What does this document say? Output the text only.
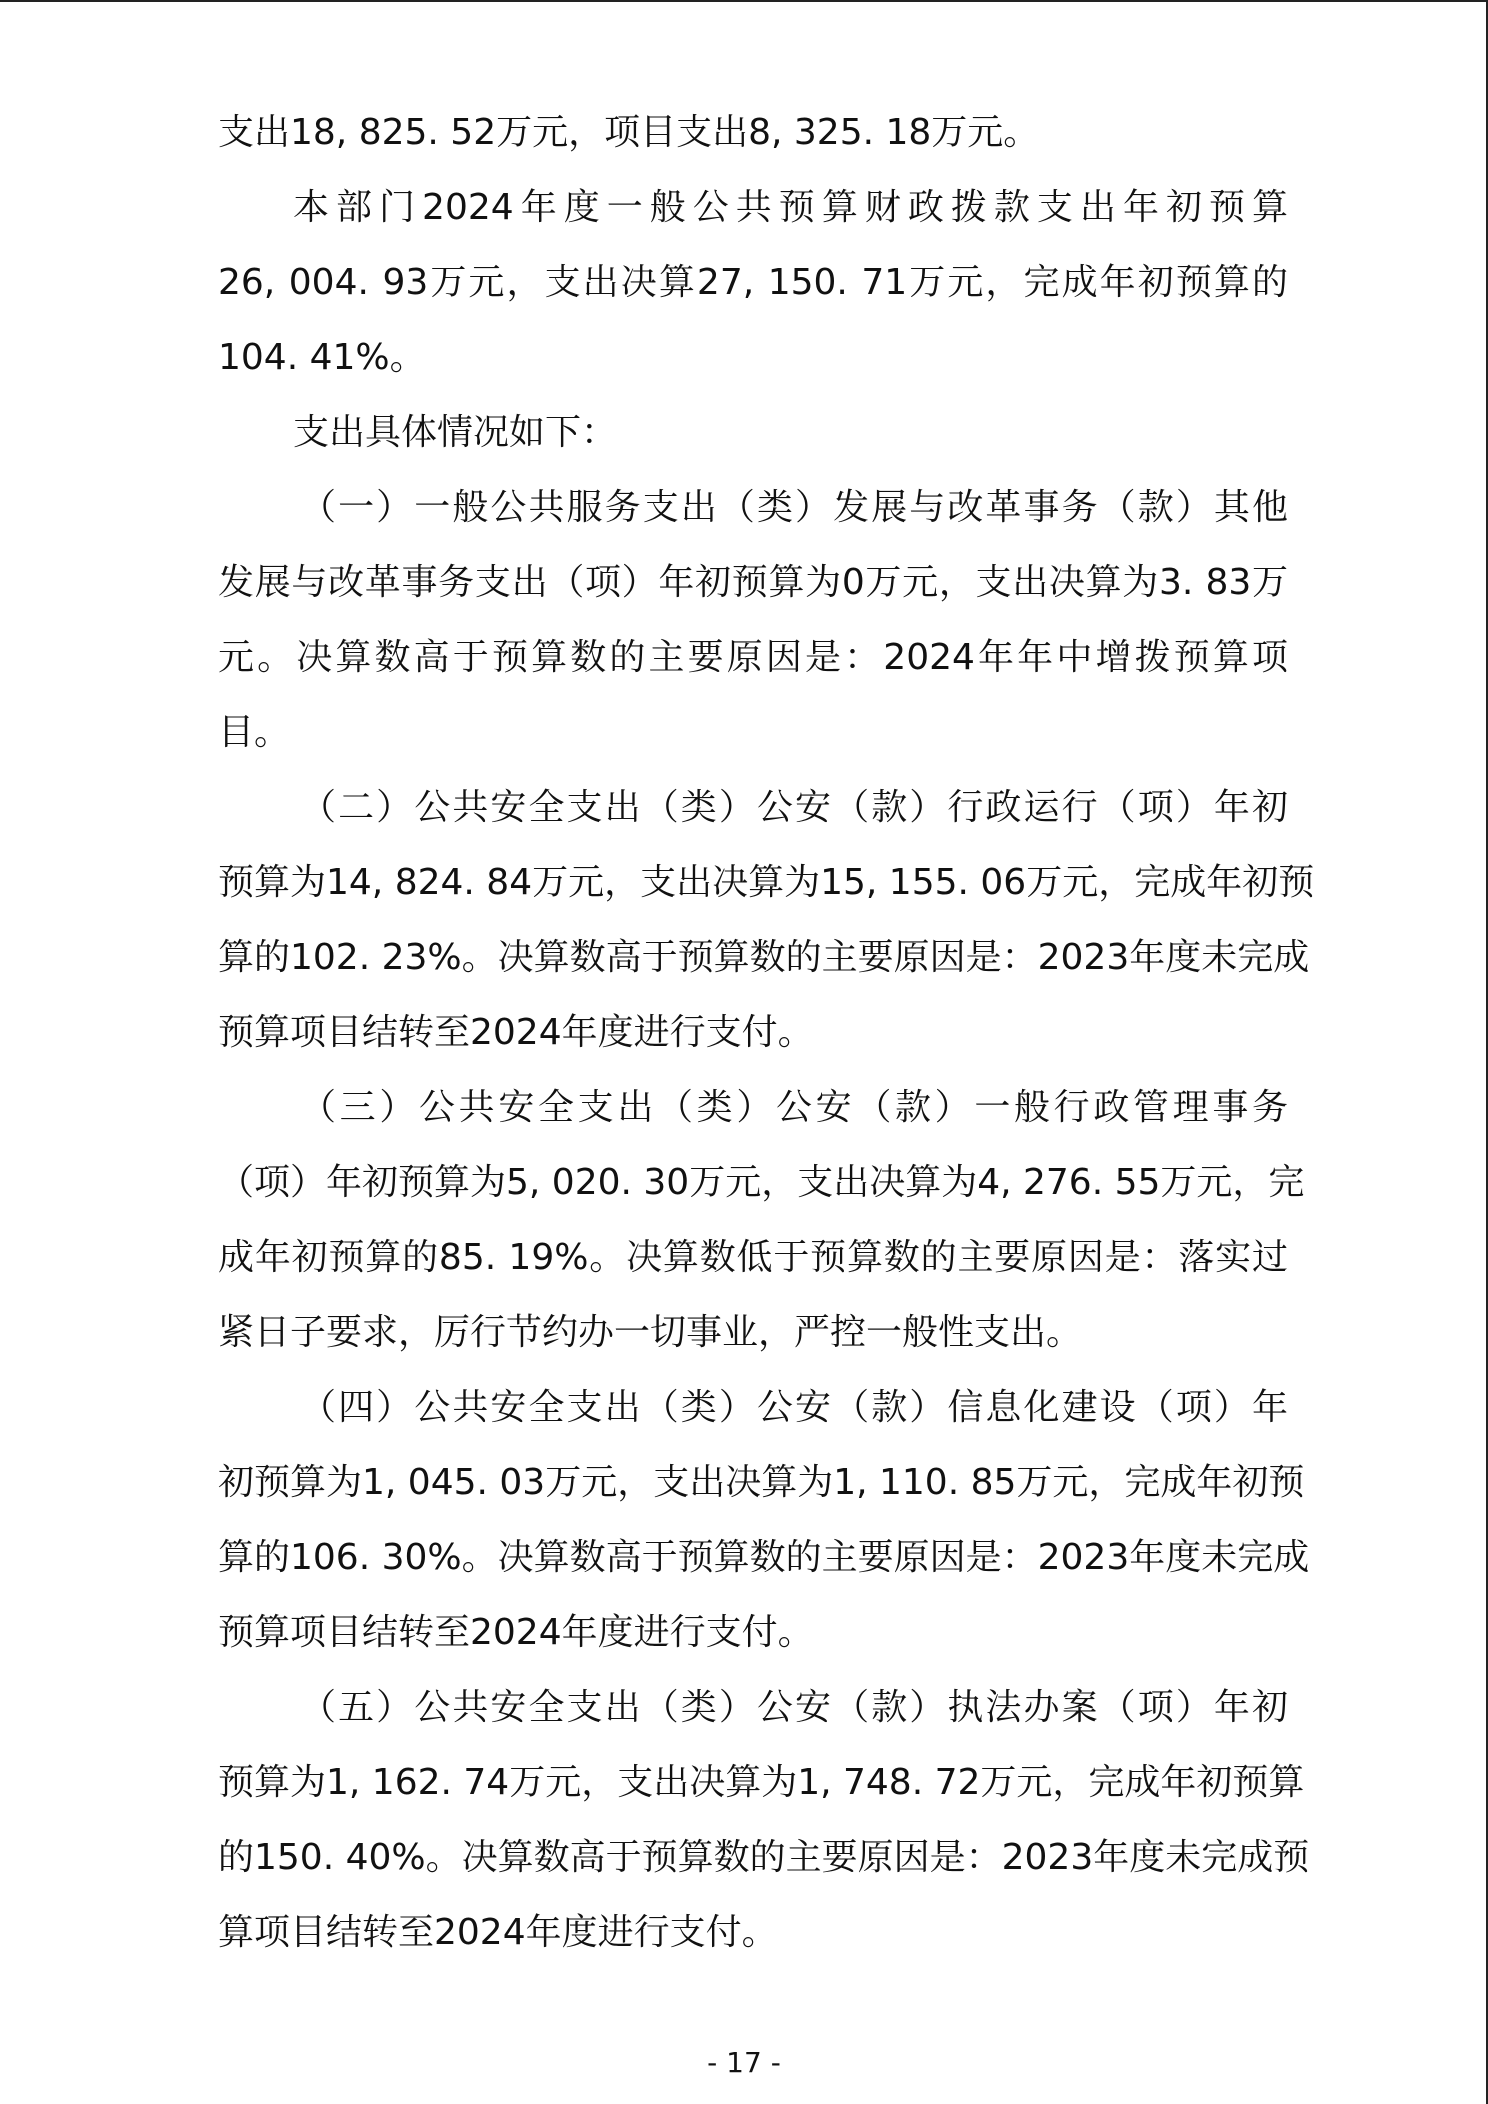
支出18, 825. 52万元，项目支出8, 325. 18万元。
本部门2024年度一般公共预算财政拨款支出年初预算
26, 004. 93万元，支出决算27, 150. 71万元，完成年初预算的
104. 41%。
支出具体情况如下：
（一）一般公共服务支出（类）发展与改革事务（款）其他
发展与改革事务支出（项）年初预算为0万元，支出决算为3. 83万
元。决算数高于预算数的主要原因是：2024年年中增拨预算项
目。
（二）公共安全支出（类）公安（款）行政运行（项）年初
预算为14, 824. 84万元，支出决算为15, 155. 06万元，完成年初预
算的102. 23%。决算数高于预算数的主要原因是：2023年度未完成
预算项目结转至2024年度进行支付。
（三）公共安全支出（类）公安（款）一般行政管理事务
（项）年初预算为5, 020. 30万元，支出决算为4, 276. 55万元，完
成年初预算的85. 19%。决算数低于预算数的主要原因是：落实过
紧日子要求，厉行节约办一切事业，严控一般性支出。
（四）公共安全支出（类）公安（款）信息化建设（项）年
初预算为1, 045. 03万元，支出决算为1, 110. 85万元，完成年初预
算的106. 30%。决算数高于预算数的主要原因是：2023年度未完成
预算项目结转至2024年度进行支付。
（五）公共安全支出（类）公安（款）执法办案（项）年初
预算为1, 162. 74万元，支出决算为1, 748. 72万元，完成年初预算
的150. 40%。决算数高于预算数的主要原因是：2023年度未完成预
算项目结转至2024年度进行支付。
- 17 -
